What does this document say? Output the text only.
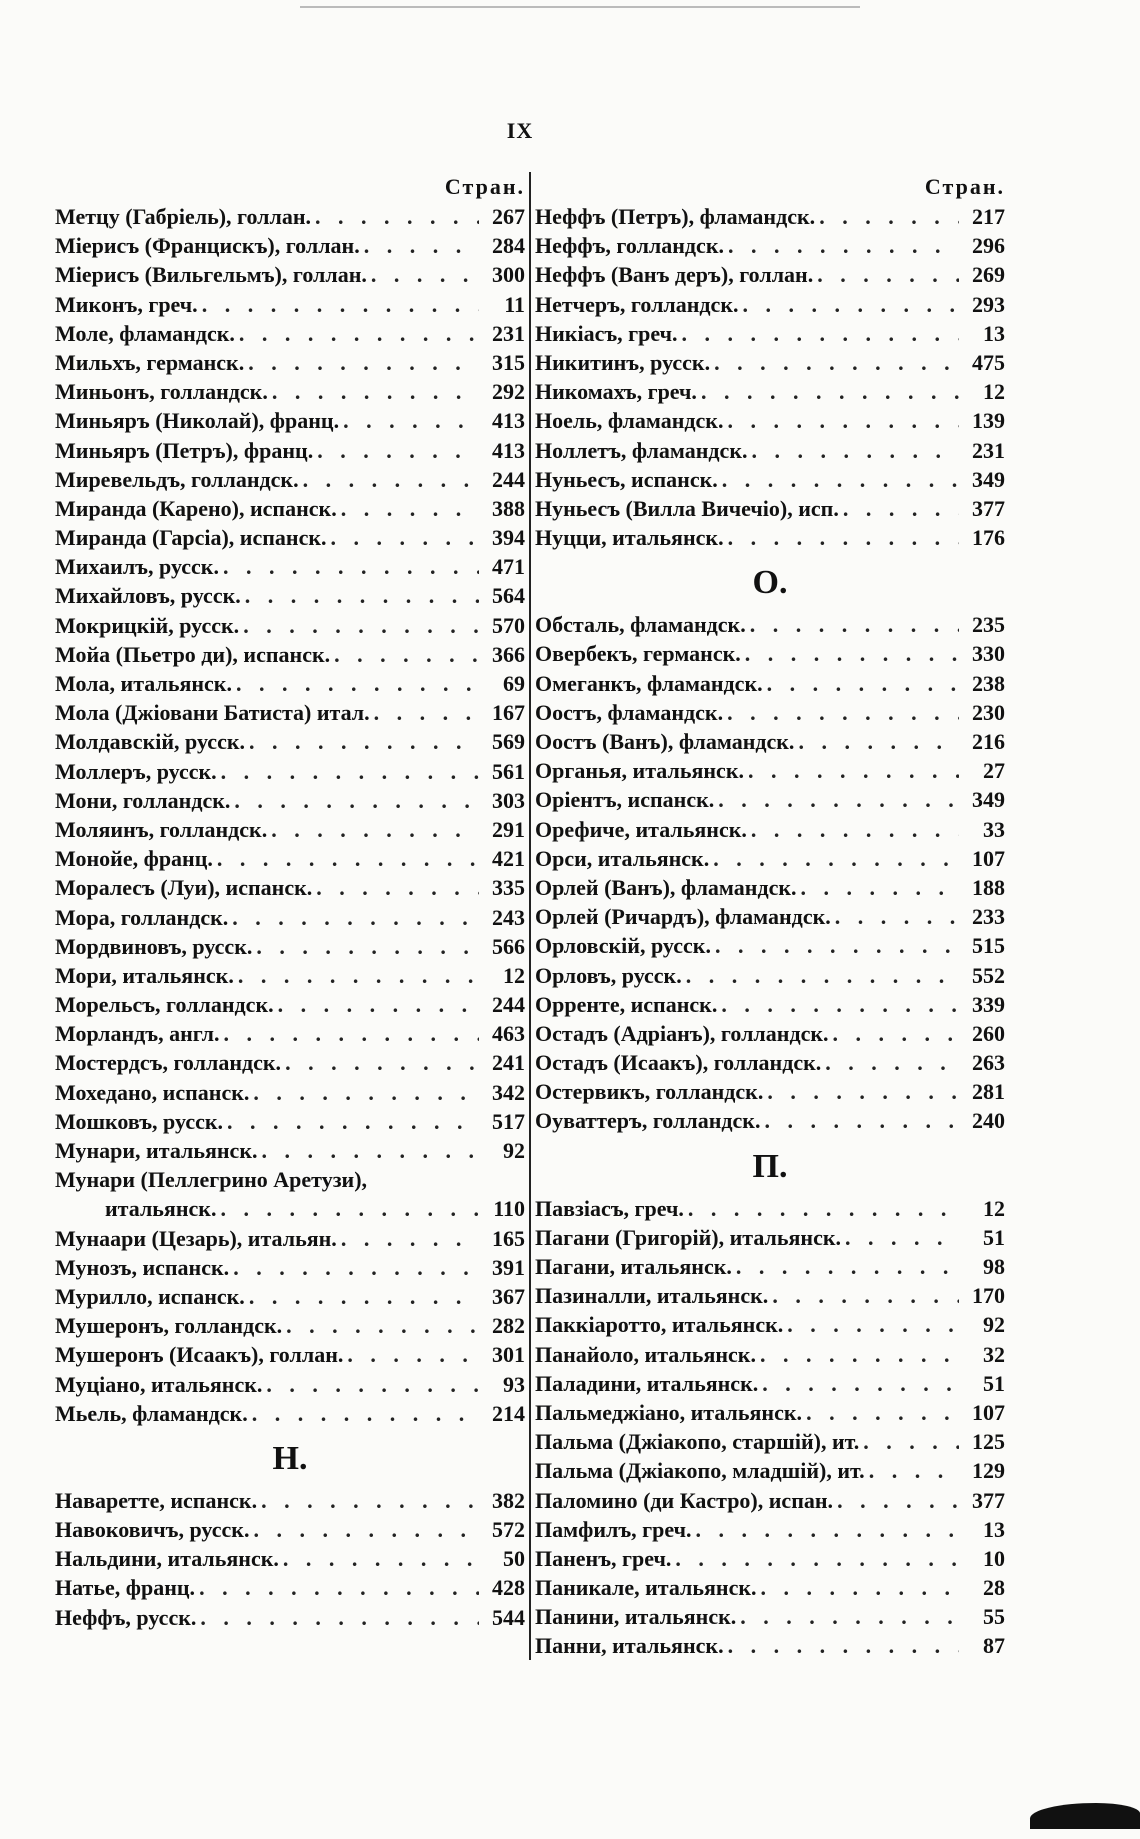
IX
Стран.
Метцу (Габріель), голлан. . . .	267
Міерисъ (Францискъ), голлан. . . .	284
Міерисъ (Вильгельмъ), голлан. . . .	300
Миконъ, греч. . . .	11
Моле, фламандск. . . .	231
Мильхъ, германск. . . .	315
Миньонъ, голландск. . . .	292
Миньяръ (Николай), франц. . . .	413
Миньяръ (Петръ), франц. . . .	413
Миревельдъ, голландск. . . .	244
Миранда (Карено), испанск. . . .	388
Миранда (Гарсіа), испанск. . . .	394
Михаилъ, русск. . . .	471
Михайловъ, русск. . . .	564
Мокрицкій, русск. . . .	570
Мойа (Пьетро ди), испанск. . . .	366
Мола, итальянск. . . .	69
Мола (Джіовани Батиста) итал. . . .	167
Молдавскій, русск. . . .	569
Моллеръ, русск. . . .	561
Мони, голландск. . . .	303
Моляинъ, голландск. . . .	291
Монойе, франц. . . .	421
Моралесъ (Луи), испанск. . . .	335
Мора, голландск. . . .	243
Мордвиновъ, русск. . . .	566
Мори, итальянск. . . .	12
Морельсъ, голландск. . . .	244
Морландъ, англ. . . .	463
Мостердсъ, голландск. . . .	241
Мохедано, испанск. . . .	342
Мошковъ, русск. . . .	517
Мунари, итальянск. . . .	92
Мунари (Пеллегрино Аретузи),
итальянск. . . .	110
Мунаари (Цезарь), итальян. . . .	165
Мунозъ, испанск. . . .	391
Мурилло, испанск. . . .	367
Мушеронъ, голландск. . . .	282
Мушеронъ (Исаакъ), голлан. . . .	301
Муціано, итальянск. . . .	93
Мьель, фламандск. . . .	214
Н.
Наваретте, испанск. . . .	382
Навоковичъ, русск. . . .	572
Нальдини, итальянск. . . .	50
Натье, франц. . . .	428
Неффъ, русск. . . .	544
Стран.
Неффъ (Петръ), фламандск. . . .	217
Неффъ, голландск. . . .	296
Неффъ (Ванъ деръ), голлан. . . .	269
Нетчеръ, голландск. . . .	293
Никіасъ, греч. . . .	13
Никитинъ, русск. . . .	475
Никомахъ, греч. . . .	12
Ноель, фламандск. . . .	139
Ноллетъ, фламандск. . . .	231
Нуньесъ, испанск. . . .	349
Нуньесъ (Вилла Вичечіо), исп. . . .	377
Нуцци, итальянск. . . .	176
О.
Обсталь, фламандск. . . .	235
Овербекъ, германск. . . .	330
Омеганкъ, фламандск. . . .	238
Оостъ, фламандск. . . .	230
Оостъ (Ванъ), фламандск. . . .	216
Органья, итальянск. . . .	27
Оріентъ, испанск. . . .	349
Орефиче, итальянск. . . .	33
Орси, итальянск. . . .	107
Орлей (Ванъ), фламандск. . . .	188
Орлей (Ричардъ), фламандск. . . .	233
Орловскій, русск. . . .	515
Орловъ, русск. . . .	552
Орренте, испанск. . . .	339
Остадъ (Адріанъ), голландск. . . .	260
Остадъ (Исаакъ), голландск. . . .	263
Остервикъ, голландск. . . .	281
Оуваттеръ, голландск. . . .	240
П.
Павзіасъ, греч. . . .	12
Пагани (Григорій), итальянск. . . .	51
Пагани, итальянск. . . .	98
Пазиналли, итальянск. . . .	170
Паккіаротто, итальянск. . . .	92
Панайоло, итальянск. . . .	32
Паладини, итальянск. . . .	51
Пальмеджіано, итальянск. . . .	107
Пальма (Джіакопо, старшій), ит. . . .	125
Пальма (Джіакопо, младшій), ит. . . .	129
Паломино (ди Кастро), испан. . . .	377
Памфилъ, греч. . . .	13
Паненъ, греч. . . .	10
Паникале, итальянск. . . .	28
Панини, итальянск. . . .	55
Панни, итальянск. . . .	87
